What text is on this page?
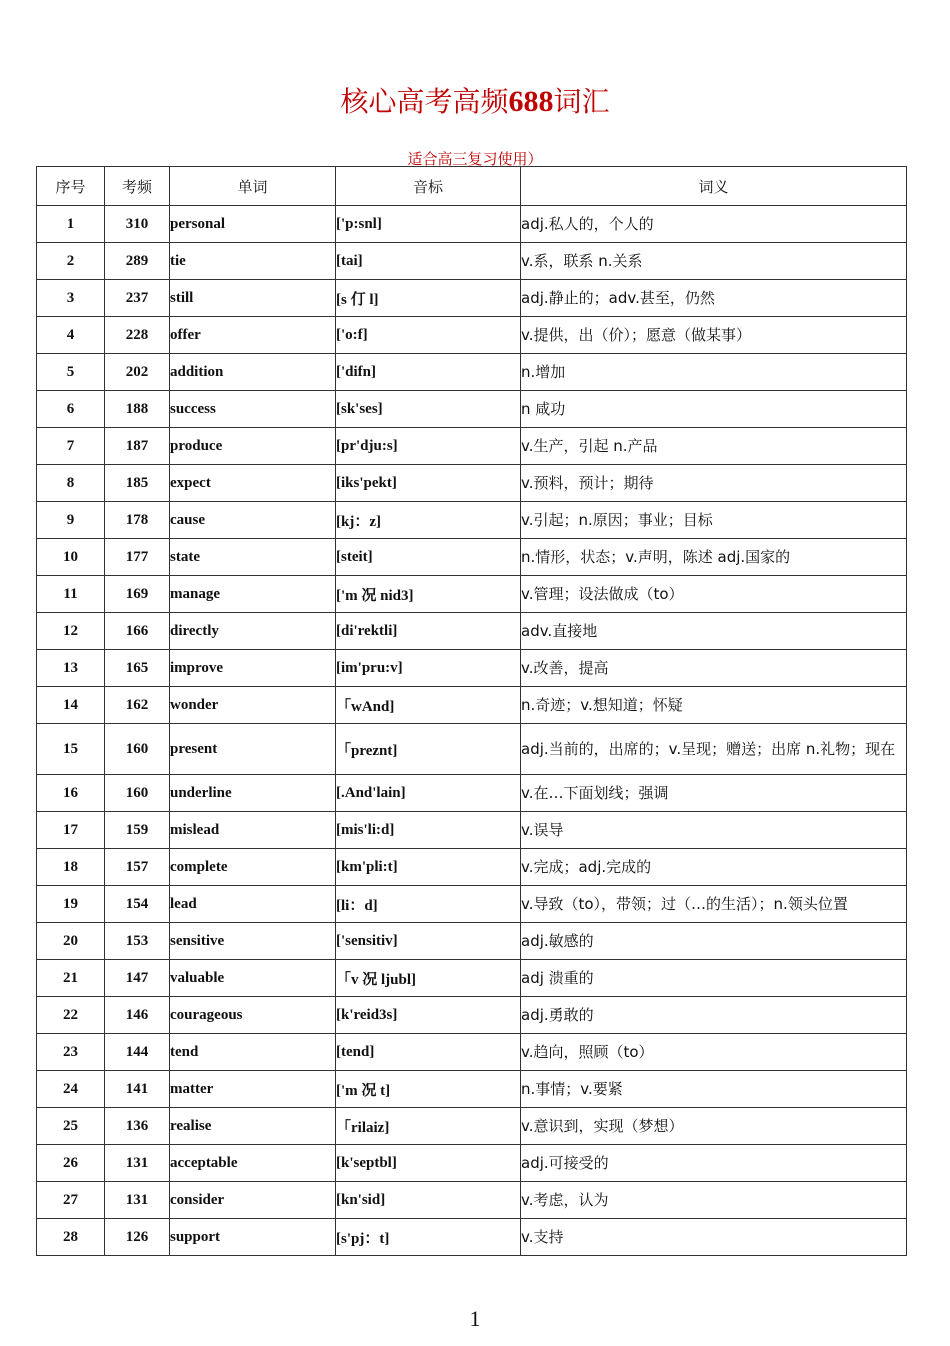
核心高考高频688词汇
适合高三复习使用）
序号	考频	单词	音标	词义
1	310	personal	['p:snl]	adj.私人的，个人的
2	289	tie	[tai]	v.系，联系 n.关系
3	237	still	[s 仃 l]	adj.静止的；adv.甚至，仍然
4	228	offer	['o:f]	v.提供，出（价）；愿意（做某事）
5	202	addition	['difn]	n.增加
6	188	success	[sk'ses]	n 咸功
7	187	produce	[pr'dju:s]	v.生产，引起 n.产品
8	185	expect	[iks'pekt]	v.预料，预计；期待
9	178	cause	[kj：z]	v.引起；n.原因；事业；目标
10	177	state	[steit]	n.情形，状态；v.声明，陈述 adj.国家的
11	169	manage	['m 况 nid3]	v.管理；设法做成（to）
12	166	directly	[di'rektli]	adv.直接地
13	165	improve	[im'pru:v]	v.改善，提高
14	162	wonder	「wAnd]	n.奇迹；v.想知道；怀疑
15	160	present	「preznt]	adj.当前的，出席的；v.呈现；赠送；出席 n.礼物；现在
16	160	underline	[.And'lain]	v.在…下面划线；强调
17	159	mislead	[mis'li:d]	v.误导
18	157	complete	[km'pli:t]	v.完成；adj.完成的
19	154	lead	[li：d]	v.导致（to），带领；过（…的生活）；n.领头位置
20	153	sensitive	['sensitiv]	adj.敏感的
21	147	valuable	「v 况 ljubl]	adj 溃重的
22	146	courageous	[k'reid3s]	adj.勇敢的
23	144	tend	[tend]	v.趋向，照顾（to）
24	141	matter	['m 况 t]	n.事情；v.要紧
25	136	realise	「rilaiz]	v.意识到，实现（梦想）
26	131	acceptable	[k'septbl]	adj.可接受的
27	131	consider	[kn'sid]	v.考虑，认为
28	126	support	[s'pj：t]	v.支持
1
